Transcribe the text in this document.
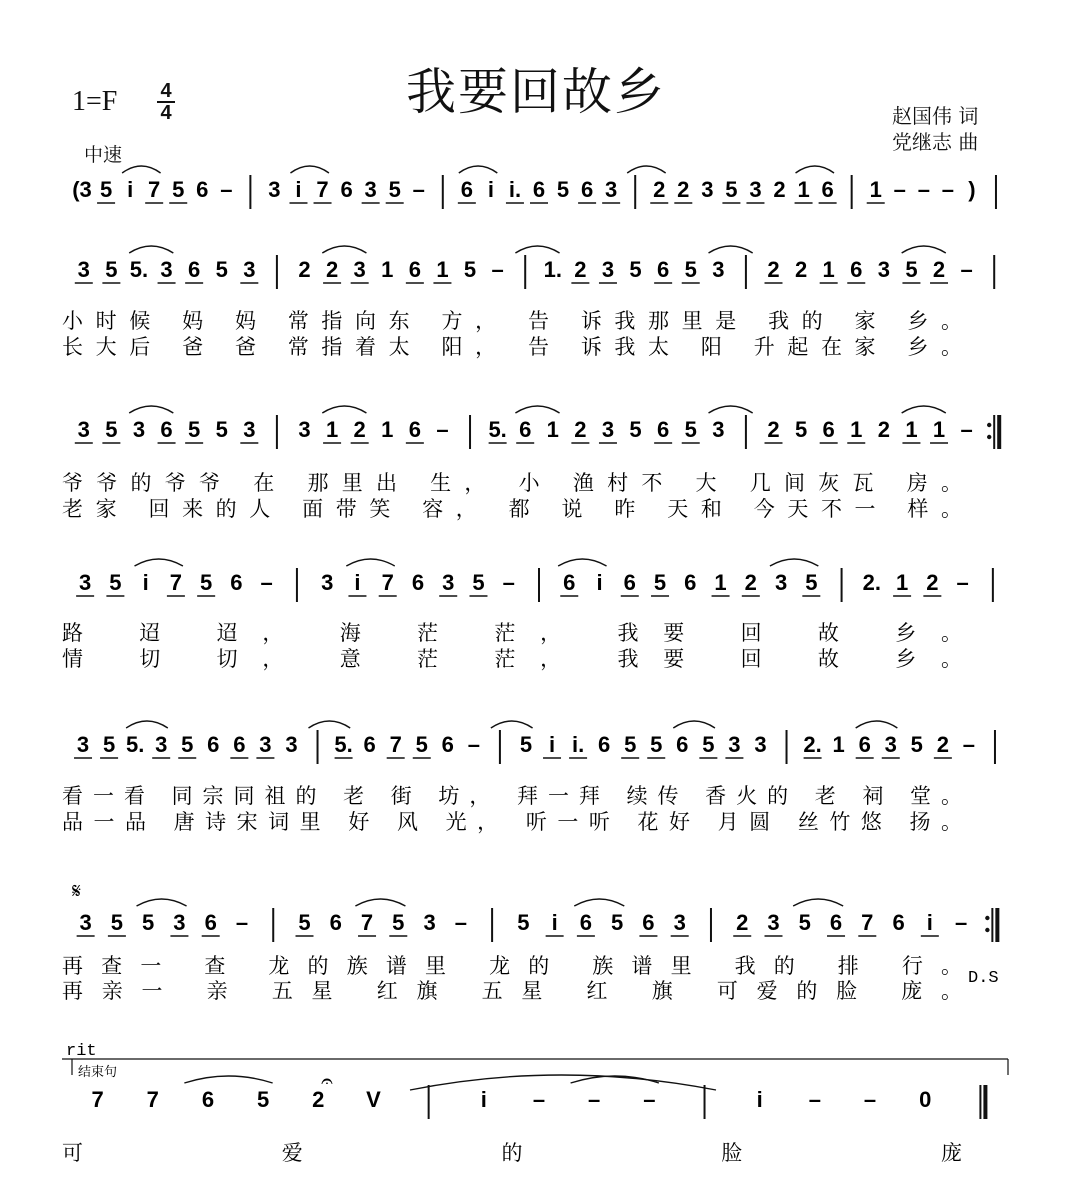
我要回故乡
1=F 4
4
中速
赵国伟 词
党继志 曲
(3 5 i 7 5 6 – 3 i 7 6 3 5 – 6 i i. 6 5 6 3 2 2 3 5 3 2 1 6 1 – – – )
3 5 5. 3 6 5 3 2 2 3 1 6 1 5 – 1. 2 3 5 6 5 3 2 2 1 6 3 5 2 –
小时候 妈 妈 常指向东 方， 告 诉我那里是 我的 家 乡。
长大后 爸 爸 常指着太 阳， 告 诉我太 阳 升起在家 乡。
3 5 3 6 5 5 3 3 1 2 1 6 – 5. 6 1 2 3 5 6 5 3 2 5 6 1 2 1 1 –
爷爷的爷爷 在 那里出 生， 小 渔村不 大 几间灰瓦 房。
老家 回来的人 面带笑 容， 都 说 昨 天和 今天不一 样。
3 5 i 7 5 6 – 3 i 7 6 3 5 – 6 i 6 5 6 1 2 3 5 2. 1 2 –
路 迢 迢， 海 茫 茫， 我要 回 故 乡。
情 切 切， 意 茫 茫， 我要 回 故 乡。
3 5 5. 3 5 6 6 3 3 5. 6 7 5 6 – 5 i i. 6 5 5 6 5 3 3 2. 1 6 3 5 2 –
看一看 同宗同祖的 老 街 坊， 拜一拜 续传 香火的 老 祠 堂。
品一品 唐诗宋词里 好 风 光， 听一听 花好 月圆 丝竹悠 扬。
3 5 5 3 6 – 5 6 7 5 3 – 5 i 6 5 6 3 2 3 5 6 7 6 i –
再查一 查 龙的族谱里 龙的 族谱里 我的 排 行。
再亲一 亲 五星 红旗 五星 红 旗 可爱的脸 庞。
7 7 6 5 2 V	i – – –	i – – 0
可 爱 的 脸 庞
𝄋
D.S
rit
结束句	𝄐
